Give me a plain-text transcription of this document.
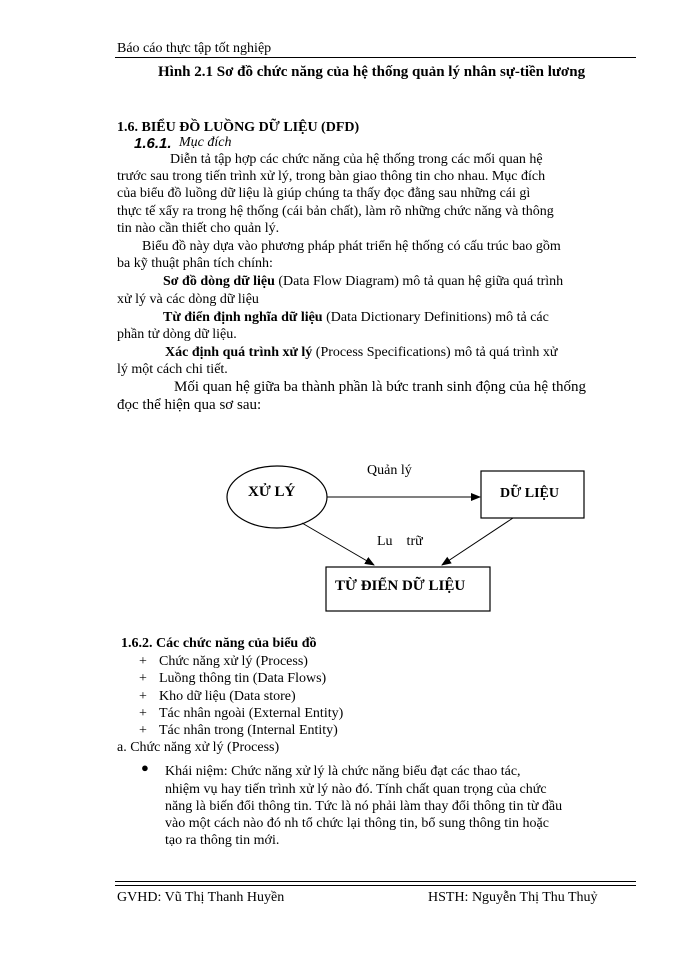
Báo cáo thực tập tốt nghiệp
Hình 2.1 Sơ đồ chức năng của hệ thống quản lý nhân sự-tiền lương
1.6. BIỂU ĐỒ LUỒNG DỮ LIỆU (DFD)
1.6.1. Mục đích
Diễn tả tập hợp các chức năng của hệ thống trong các mối quan hệ
trước sau trong tiến trình xử lý, trong bàn giao thông tin cho nhau. Mục đích
của biểu đồ luồng dữ liệu là giúp chúng ta thấy đọc đằng sau những cái gì
thực tế xẩy ra trong hệ thống (cái bản chất), làm rõ những chức năng và thông
tin nào cần thiết cho quản lý.
Biểu đồ này dựa vào phương pháp phát triển hệ thống có cấu trúc bao gồm
ba kỹ thuật phân tích chính:
Sơ đồ dòng dữ liệu (Data Flow Diagram) mô tả quan hệ giữa quá trình
xử lý và các dòng dữ liệu
Từ điển định nghĩa dữ liệu (Data Dictionary Definitions) mô tả các
phần tử dòng dữ liệu.
Xác định quá trình xử lý (Process Specifications) mô tả quá trình xử
lý một cách chi tiết.
Mối quan hệ giữa ba thành phần là bức tranh sinh động của hệ thống
đọc thể hiện qua sơ sau:
XỬ LÝ	DỮ LIỆU
TỪ ĐIỂN DỮ LIỆU
Quản lý
Lu    trữ
1.6.2. Các chức năng của biểu đồ
+ Chức năng xử lý (Process)
+ Luồng thông tin (Data Flows)
+ Kho dữ liệu (Data store)
+ Tác nhân ngoài (External Entity)
+ Tác nhân trong (Internal Entity)
a. Chức năng xử lý (Process)
● Khái niệm: Chức năng xử lý là chức năng biểu đạt các thao tác,
nhiệm vụ hay tiến trình xử lý nào đó. Tính chất quan trọng của chức
năng là biến đổi thông tin. Tức là nó phải làm thay đổi thông tin từ đầu
vào một cách nào đó nh tổ chức lại thông tin, bổ sung thông tin hoặc
tạo ra thông tin mới.
GVHD: Vũ Thị Thanh Huyền	HSTH: Nguyễn Thị Thu Thuỷ
